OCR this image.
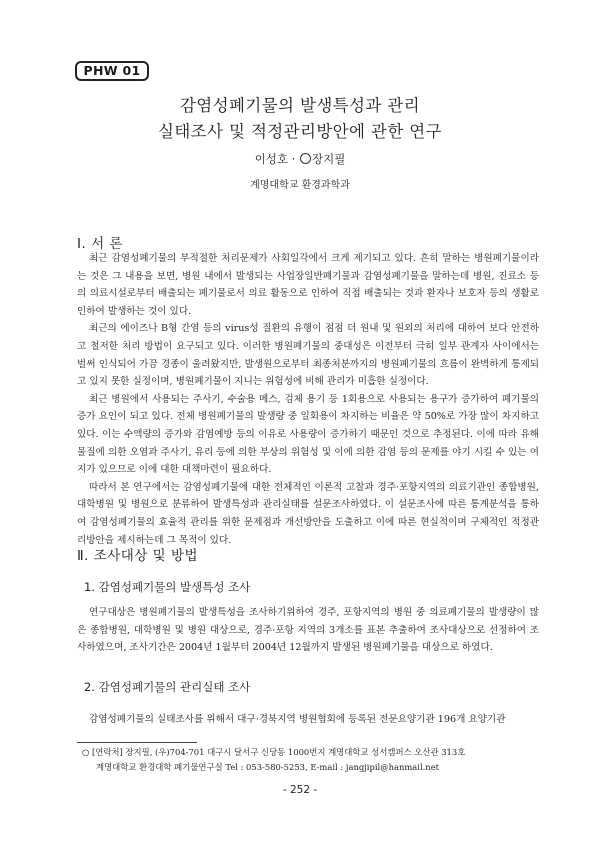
PHW 01
감염성폐기물의 발생특성과 관리
실태조사 및 적정관리방안에 관한 연구
이성호 · 장지필
계명대학교 환경과학과
Ⅰ. 서 론

최근 감염성폐기물의 부적절한 처리문제가 사회일각에서 크게 제기되고 있다. 흔히 말하는 병원폐기물이라는 것은 그 내용을 보면, 병원 내에서 발생되는 사업장일반폐기물과 감염성폐기물을 말하는데 병원, 진료소 등의 의료시설로부터 배출되는 폐기물로서 의료 활동으로 인하여 직접 배출되는 것과 환자나 보호자 등의 생활로 인하여 발생하는 것이 있다.

최근의 에이즈나 B형 간염 등의 virus성 질환의 유행이 점점 더 원내 및 원외의 처리에 대하여 보다 안전하고 철저한 처리 방법이 요구되고 있다. 이러한 병원폐기물의 중대성은 이전부터 극히 일부 관계자 사이에서는 벌써 인식되어 가끔 경종이 울려왔지만, 발생원으로부터 최종처분까지의 병원폐기물의 흐름이 완벽하게 통제되고 있지 못한 실정이며, 병원폐기물이 지니는 위험성에 비해 관리가 미흡한 실정이다.

최근 병원에서 사용되는 주사기, 수술용 메스, 검체 용기 등 1회용으로 사용되는 용구가 증가하여 폐기물의 증가 요인이 되고 있다. 전체 병원폐기물의 발생량 중 일회용이 차지하는 비율은 약 50%로 가장 많이 차지하고 있다. 이는 수액량의 증가와 감염예방 등의 이유로 사용량이 증가하기 때문인 것으로 추정된다. 이에 따라 유해물질에 의한 오염과 주사기, 유리 등에 의한 부상의 위험성 및 이에 의한 감염 등의 문제를 야기 시킬 수 있는 여지가 있으므로 이에 대한 대책마련이 필요하다.

따라서 본 연구에서는 감염성폐기물에 대한 전체적인 이론적 고찰과 경주·포항지역의 의료기관인 종합병원, 대학병원 및 병원으로 분류하여 발생특성과 관리실태를 설문조사하였다. 이 설문조사에 따른 통계분석을 통하여 감염성폐기물의 효율적 관리를 위한 문제점과 개선방안을 도출하고 이에 따른 현실적이며 구체적인 적정관리방안을 제시하는데 그 목적이 있다.

Ⅱ. 조사대상 및 방법
1. 감염성폐기물의 발생특성 조사

연구대상은 병원폐기물의 발생특성을 조사하기위하여 경주, 포항지역의 병원 중 의료폐기물의 발생량이 많은 종합병원, 대학병원 및 병원 대상으로, 경주·포항 지역의 3개소를 표본 추출하여 조사대상으로 선정하여 조사하였으며, 조사기간은 2004년 1월부터 2004년 12월까지 발생된 병원폐기물을 대상으로 하였다.

2. 감염성폐기물의 관리실태 조사

감염성폐기물의 실태조사를 위해서 대구·경북지역 병원협회에 등록된 전문요양기관 196개 요양기관

○ [연락처] 장지필, (우)704-701 대구시 달서구 신당동 1000번지 계명대학교 성서캠퍼스 오산관 313호
계명대학교 환경대학 폐기물연구실 Tel : 053-580-5253, E-mail : jangjipil@hanmail.net
- 252 -
